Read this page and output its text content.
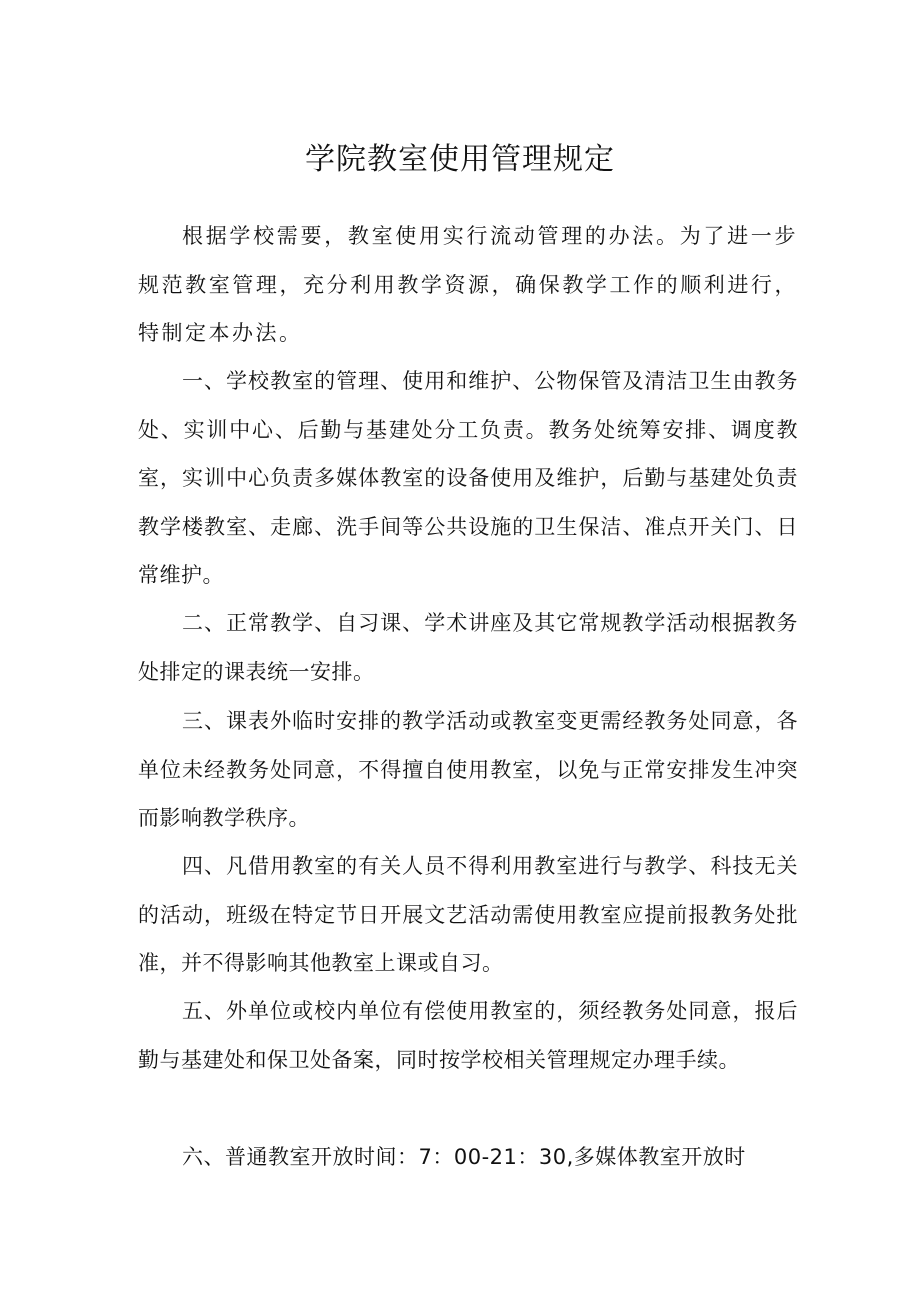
学院教室使用管理规定

根据学校需要，教室使用实行流动管理的办法。为了进一步规范教室管理，充分利用教学资源，确保教学工作的顺利进行，特制定本办法。

一、学校教室的管理、使用和维护、公物保管及清洁卫生由教务处、实训中心、后勤与基建处分工负责。教务处统筹安排、调度教室，实训中心负责多媒体教室的设备使用及维护，后勤与基建处负责教学楼教室、走廊、洗手间等公共设施的卫生保洁、准点开关门、日常维护。

二、正常教学、自习课、学术讲座及其它常规教学活动根据教务处排定的课表统一安排。

三、课表外临时安排的教学活动或教室变更需经教务处同意，各单位未经教务处同意，不得擅自使用教室，以免与正常安排发生冲突而影响教学秩序。

四、凡借用教室的有关人员不得利用教室进行与教学、科技无关的活动，班级在特定节日开展文艺活动需使用教室应提前报教务处批准，并不得影响其他教室上课或自习。

五、外单位或校内单位有偿使用教室的，须经教务处同意，报后勤与基建处和保卫处备案，同时按学校相关管理规定办理手续。

六、普通教室开放时间：7：00-21：30,多媒体教室开放时
